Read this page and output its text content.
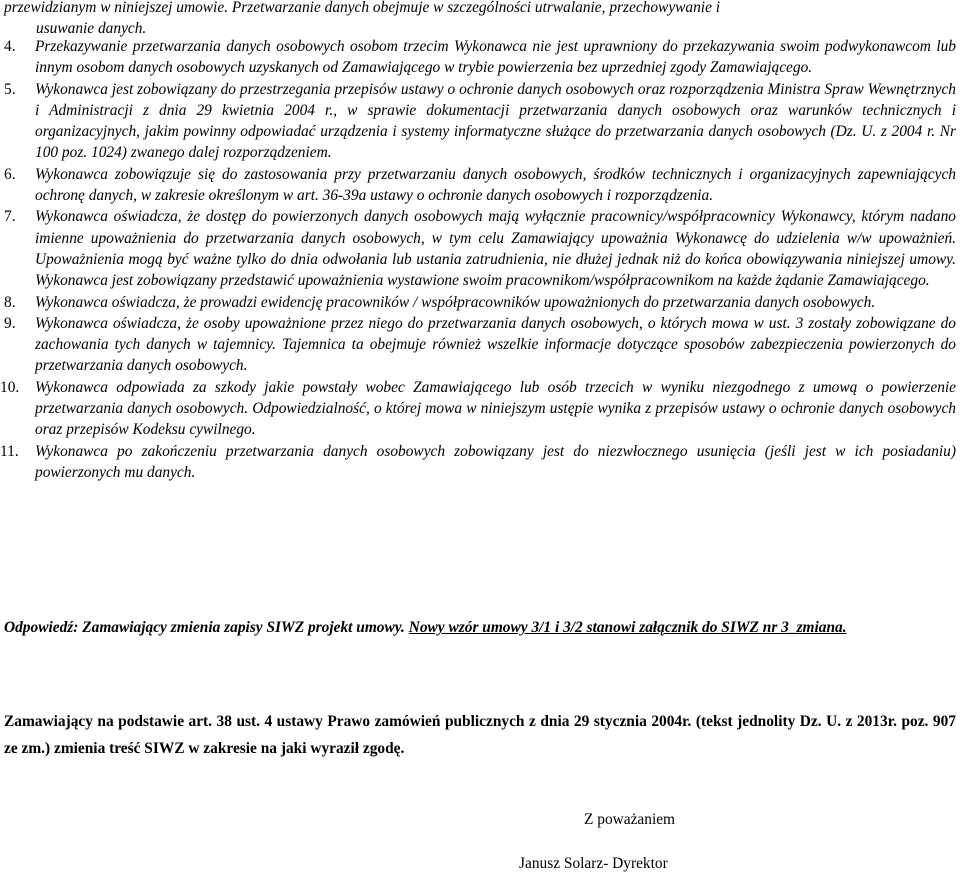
przewidzianym w niniejszej umowie. Przetwarzanie danych obejmuje w szczególności utrwalanie, przechowywanie i
usuwanie danych.
4.	Przekazywanie przetwarzania danych osobowych osobom trzecim Wykonawca nie jest uprawniony do przekazywania swoim podwykonawcom lub innym osobom danych osobowych uzyskanych od Zamawiającego w trybie powierzenia bez uprzedniej zgody Zamawiającego.
5.	Wykonawca jest zobowiązany do przestrzegania przepisów ustawy o ochronie danych osobowych oraz rozporządzenia Ministra Spraw Wewnętrznych i Administracji z dnia 29 kwietnia 2004 r., w sprawie dokumentacji przetwarzania danych osobowych oraz warunków technicznych i organizacyjnych, jakim powinny odpowiadać urządzenia i systemy informatyczne służące do przetwarzania danych osobowych (Dz. U. z 2004 r. Nr 100 poz. 1024) zwanego dalej rozporządzeniem.
6.	Wykonawca zobowiązuje się do zastosowania przy przetwarzaniu danych osobowych, środków technicznych i organizacyjnych zapewniających ochronę danych, w zakresie określonym w art. 36-39a ustawy o ochronie danych osobowych i rozporządzenia.
7.	Wykonawca oświadcza, że dostęp do powierzonych danych osobowych mają wyłącznie pracownicy/współpracownicy Wykonawcy, którym nadano imienne upoważnienia do przetwarzania danych osobowych, w tym celu Zamawiający upoważnia Wykonawcę do udzielenia w/w upoważnień. Upoważnienia mogą być ważne tylko do dnia odwołania lub ustania zatrudnienia, nie dłużej jednak niż do końca obowiązywania niniejszej umowy. Wykonawca jest zobowiązany przedstawić upoważnienia wystawione swoim pracownikom/współpracownikom na każde żądanie Zamawiającego.
8.	Wykonawca oświadcza, że prowadzi ewidencję pracowników / współpracowników upoważnionych do przetwarzania danych osobowych.
9.	Wykonawca oświadcza, że osoby upoważnione przez niego do przetwarzania danych osobowych, o których mowa w ust. 3 zostały zobowiązane do zachowania tych danych w tajemnicy. Tajemnica ta obejmuje również wszelkie informacje dotyczące sposobów zabezpieczenia powierzonych do przetwarzania danych osobowych.
10.	Wykonawca odpowiada za szkody jakie powstały wobec Zamawiającego lub osób trzecich w wyniku niezgodnego z umową o powierzenie przetwarzania danych osobowych. Odpowiedzialność, o której mowa w niniejszym ustępie wynika z przepisów ustawy o ochronie danych osobowych oraz przepisów Kodeksu cywilnego.
11.	Wykonawca po zakończeniu przetwarzania danych osobowych zobowiązany jest do niezwłocznego usunięcia (jeśli jest w ich posiadaniu) powierzonych mu danych.
Odpowiedź: Zamawiający zmienia zapisy SIWZ projekt umowy. Nowy wzór umowy 3/1 i 3/2 stanowi załącznik do SIWZ nr 3_zmiana.
Zamawiający na podstawie art. 38 ust. 4 ustawy Prawo zamówień publicznych z dnia 29 stycznia 2004r. (tekst jednolity Dz. U. z 2013r. poz. 907 ze zm.) zmienia treść SIWZ w zakresie na jaki wyraził zgodę.
Z poważaniem
Janusz Solarz- Dyrektor
